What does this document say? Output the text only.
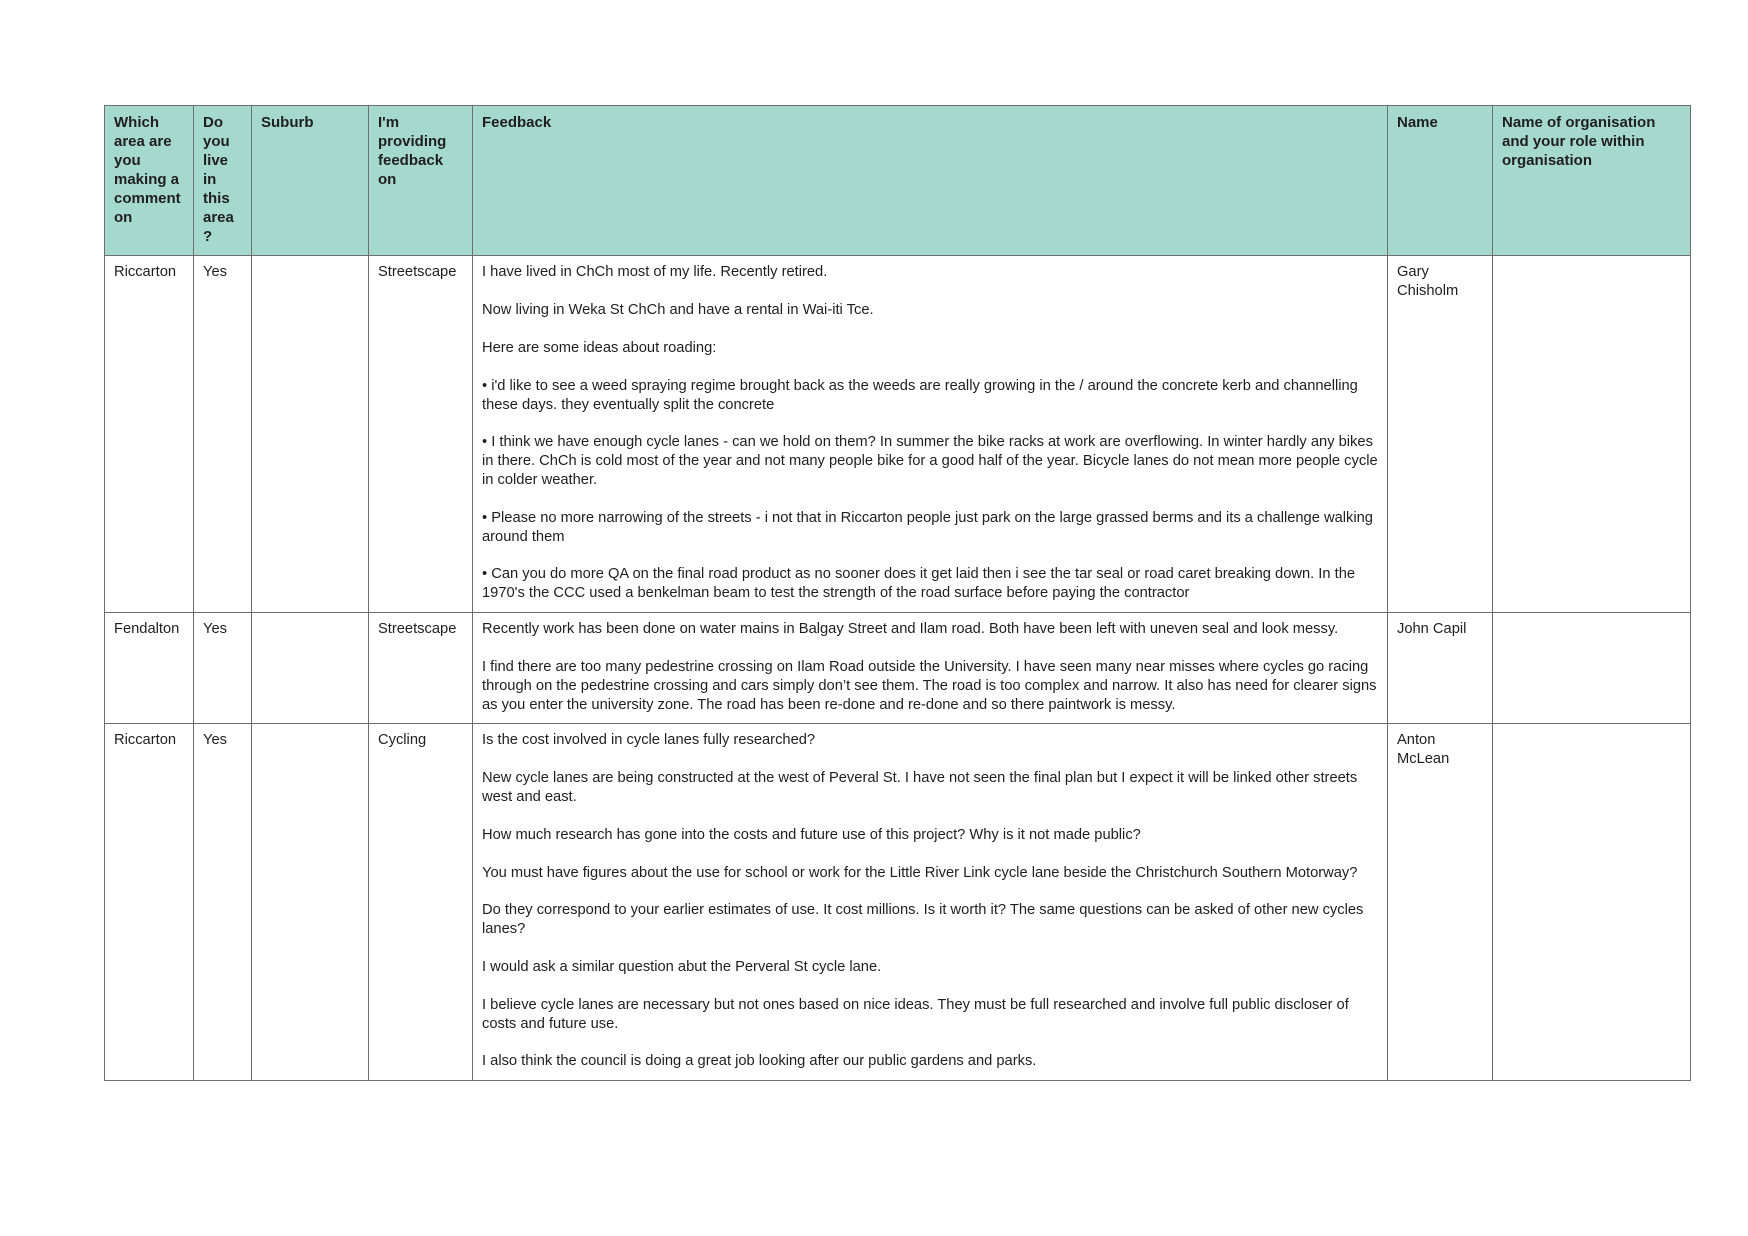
Which area are you making a comment on	Do you live in this area?	Suburb	I'm providing feedback on	Feedback	Name	Name of organisation and your role within organisation
Riccarton	Yes		Streetscape	I have lived in ChCh most of my life. Recently retired.

Now living in Weka St ChCh and have a rental in Wai-iti Tce.

Here are some ideas about roading:

• i'd like to see a weed spraying regime brought back as the weeds are really growing in the / around the concrete kerb and channelling these days. they eventually split the concrete

• I think we have enough cycle lanes - can we hold on them? In summer the bike racks at work are overflowing. In winter hardly any bikes in there. ChCh is cold most of the year and not many people bike for a good half of the year. Bicycle lanes do not mean more people cycle in colder weather.

• Please no more narrowing of the streets - i not that in Riccarton people just park on the large grassed berms and its a challenge walking around them

• Can you do more QA on the final road product as no sooner does it get laid then i see the tar seal or road caret breaking down. In the 1970's the CCC used a benkelman beam to test the strength of the road surface before paying the contractor

	Gary Chisholm	
Fendalton	Yes		Streetscape	Recently work has been done on water mains in Balgay Street and Ilam road. Both have been left with uneven seal and look messy.

I find there are too many pedestrine crossing on Ilam Road outside the University. I have seen many near misses where cycles go racing through on the pedestrine crossing and cars simply don’t see them. The road is too complex and narrow. It also has need for clearer signs as you enter the university zone. The road has been re-done and re-done and so there paintwork is messy.	John Capil	
Riccarton	Yes		Cycling	Is the cost involved in cycle lanes fully researched?

New cycle lanes are being constructed at the west of Peveral St. I have not seen the final plan but I expect it will be linked other streets west and east.

How much research has gone into the costs and future use of this project? Why is it not made public?

You must have figures about the use for school or work for the Little River Link cycle lane beside the Christchurch Southern Motorway?

Do they correspond to your earlier estimates of use. It cost millions. Is it worth it? The same questions can be asked of other new cycles lanes?

I would ask a similar question abut the Perveral St cycle lane.

I believe cycle lanes are necessary but not ones based on nice ideas. They must be full researched and involve full public discloser of costs and future use.

I also think the council is doing a great job looking after our public gardens and parks.

	Anton McLean	
